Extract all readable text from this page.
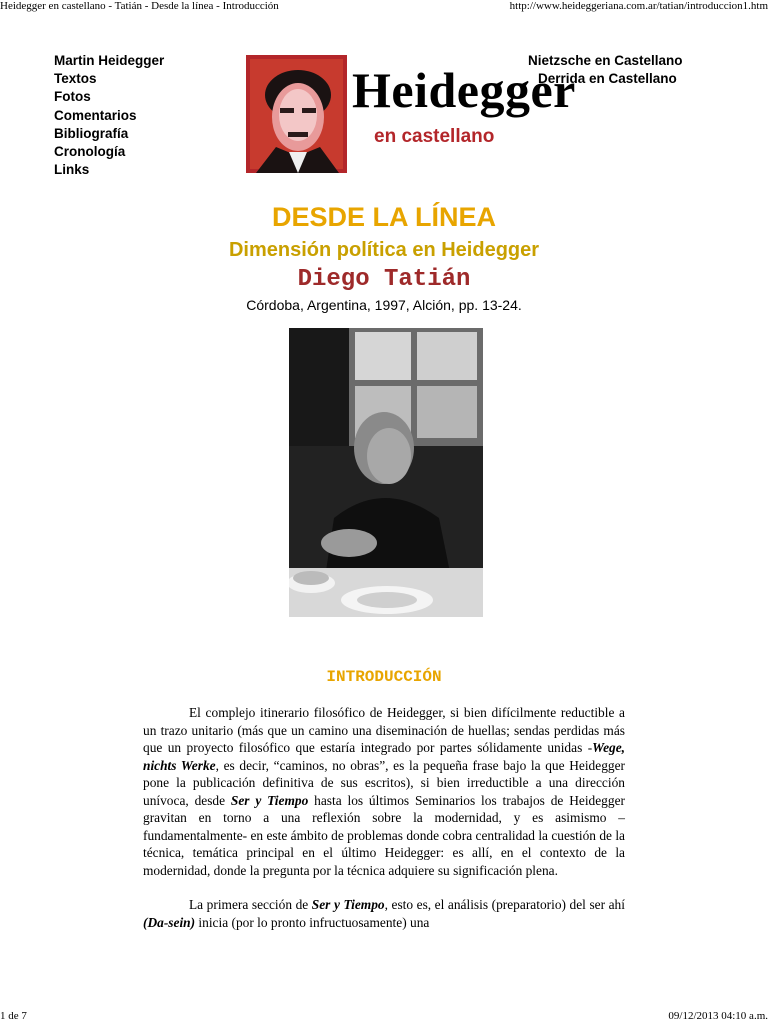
Heidegger en castellano - Tatián - Desde la línea - Introducción	http://www.heideggeriana.com.ar/tatian/introduccion1.htm
Martin Heidegger
Textos
Fotos
Comentarios
Bibliografía
Cronología
Links
Heidegger
en castellano
Nietzsche en Castellano
Derrida en Castellano
DESDE LA LÍNEA
Dimensión política en Heidegger
Diego Tatián
Córdoba, Argentina, 1997, Alción, pp. 13-24.
INTRODUCCIÓN

El complejo itinerario filosófico de Heidegger, si bien difícilmente reductible a un trazo unitario (más que un camino una diseminación de huellas; sendas perdidas más que un proyecto filosófico que estaría integrado por partes sólidamente unidas -Wege, nichts Werke, es decir, “caminos, no obras”, es la pequeña frase bajo la que Heidegger pone la publicación definitiva de sus escritos), si bien irreductible a una dirección unívoca, desde Ser y Tiempo hasta los últimos Seminarios los trabajos de Heidegger gravitan en torno a una reflexión sobre la modernidad, y es asimismo –fundamentalmente- en este ámbito de problemas donde cobra centralidad la cuestión de la técnica, temática principal en el último Heidegger: es allí, en el contexto de la modernidad, donde la pregunta por la técnica adquiere su significación plena.

La primera sección de Ser y Tiempo, esto es, el análisis (preparatorio) del ser ahí (Da-sein) inicia (por lo pronto infructuosamente) una

1 de 7	09/12/2013 04:10 a.m.
